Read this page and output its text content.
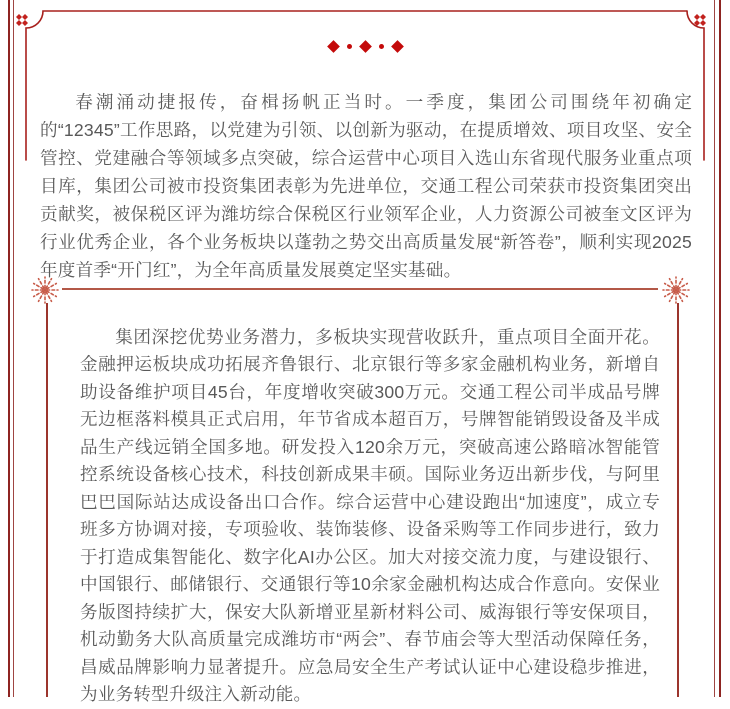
春潮涌动捷报传，奋楫扬帆正当时。一季度，集团公司围绕年初确定的“12345”工作思路，以党建为引领、以创新为驱动，在提质增效、项目攻坚、安全管控、党建融合等领域多点突破，综合运营中心项目入选山东省现代服务业重点项目库，集团公司被市投资集团表彰为先进单位，交通工程公司荣获市投资集团突出贡献奖，被保税区评为潍坊综合保税区行业领军企业，人力资源公司被奎文区评为行业优秀企业，各个业务板块以蓬勃之势交出高质量发展“新答卷”，顺利实现2025年度首季“开门红”，为全年高质量发展奠定坚实基础。

集团深挖优势业务潜力，多板块实现营收跃升，重点项目全面开花。金融押运板块成功拓展齐鲁银行、北京银行等多家金融机构业务，新增自助设备维护项目45台，年度增收突破300万元。交通工程公司半成品号牌无边框落料模具正式启用，年节省成本超百万，号牌智能销毁设备及半成品生产线远销全国多地。研发投入120余万元，突破高速公路暗冰智能管控系统设备核心技术，科技创新成果丰硕。国际业务迈出新步伐，与阿里巴巴国际站达成设备出口合作。综合运营中心建设跑出“加速度”，成立专班多方协调对接，专项验收、装饰装修、设备采购等工作同步进行，致力于打造成集智能化、数字化AI办公区。加大对接交流力度，与建设银行、中国银行、邮储银行、交通银行等10余家金融机构达成合作意向。安保业务版图持续扩大，保安大队新增亚星新材料公司、威海银行等安保项目，机动勤务大队高质量完成潍坊市“两会”、春节庙会等大型活动保障任务，昌威品牌影响力显著提升。应急局安全生产考试认证中心建设稳步推进，为业务转型升级注入新动能。
